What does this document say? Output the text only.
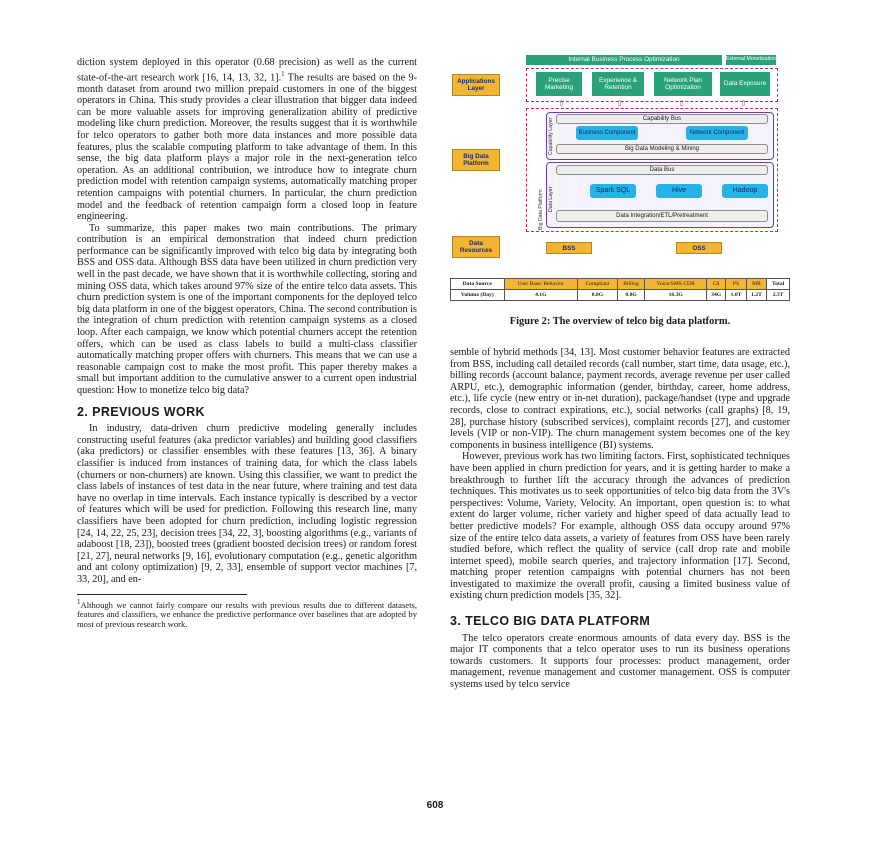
diction system deployed in this operator (0.68 precision) as well as the current state-of-the-art research work [16, 14, 13, 32, 1].$^1$ The results are based on the 9-month dataset from around two million prepaid customers in one of the biggest operators in China. This study provides a clear illustration that bigger data indeed can be more valuable assets for improving generalization ability of predictive modeling like churn prediction. Moreover, the results suggest that it is worthwhile for telco operators to gather both more data instances and more possible data features, plus the scalable computing platform to take advantage of them. In this sense, the big data platform plays a major role in the next-generation telco operation. As an additional contribution, we introduce how to integrate churn prediction model with retention campaign systems, automatically matching proper retention campaigns with potential churners. In particular, the churn prediction model and the feedback of retention campaign form a closed loop in feature engineering.

To summarize, this paper makes two main contributions. The primary contribution is an empirical demonstration that indeed churn prediction performance can be significantly improved with telco big data by integrating both BSS and OSS data. Although BSS data have been utilized in churn prediction very well in the past decade, we have shown that it is worthwhile collecting, storing and mining OSS data, which takes around 97% size of the entire telco data assets. This churn prediction system is one of the important components for the deployed telco big data platform in one of the biggest operators, China. The second contribution is the integration of churn prediction with retention campaign systems as a closed loop. After each campaign, we know which potential churners accept the retention offers, which can be used as class labels to build a multi-class classifier automatically matching proper offers with churners. This means that we can use a reasonable campaign cost to make the most profit. This paper thereby makes a small but important addition to the cumulative answer to a current open industrial question: How to monetize telco big data?

2. PREVIOUS WORK

In industry, data-driven churn predictive modeling generally includes constructing useful features (aka predictor variables) and building good classifiers (aka predictors) or classifier ensembles with these features [13, 36]. A binary classifier is induced from instances of training data, for which the class labels (churners or non-churners) are known. Using this classifier, we want to predict the class labels of instances of test data in the near future, where training and test data have no overlap in time intervals. Each instance typically is described by a vector of features which will be used for prediction. Following this research line, many classifiers have been adopted for churn prediction, including logistic regression [24, 14, 22, 25, 23], decision trees [34, 22, 3], boosting algorithms (e.g., variants of adaboost [18, 23]), boosted trees (gradient boosted decision trees) or random forest [21, 27], neural networks [9, 16], evolutionary computation (e.g., genetic algorithm and ant colony optimization) [9, 2, 33], ensemble of support vector machines [7, 33, 20], and en-

$^1$Although we cannot fairly compare our results with previous results due to different datasets, features and classifiers, we enhance the predictive performance over baselines that are adopted by most of previous research work.

Internal Business Process Optimization	External Monetization
Applications Layer
Precise Marketing
Experience & Retention
Network Plan Optimization
Data Exposure
⇧	⇧	⇧	⇧
Big Data Platform
Big Data Platform
Capability Layer	Capability Bus
Business Component	Network Component
Big Data Modeling & Mining
Data Layer
Data Bus
Spark SQL	Hive	Hadoop
Data Integration/ETL/Pretreatment
Data Resources	BSS	OSS
Data Source	User Base/ Behavior	Compliant	Billing	Voice/SMS CDR	CS	PS	MR	Total
Volume (Day)	4.1G	0.8G	0.8G	18.3G	34G	1.0T	1.2T	2.3T
Figure 2: The overview of telco big data platform.

semble of hybrid methods [34, 13]. Most customer behavior features are extracted from BSS, including call detailed records (call number, start time, data usage, etc.), billing records (account balance, payment records, average revenue per user called ARPU, etc.), demographic information (gender, birthday, career, home address, etc.), life cycle (new entry or in-net duration), package/handset (type and upgrade records, close to contract expirations, etc.), social networks (call graphs) [8, 19, 28], purchase history (subscribed services), complaint records [27], and customer levels (VIP or non-VIP). The churn management system becomes one of the key components in business intelligence (BI) systems.

However, previous work has two limiting factors. First, sophisticated techniques have been applied in churn prediction for years, and it is getting harder to make a breakthrough to further lift the accuracy through the advances of prediction techniques. This motivates us to seek opportunities of telco big data from the 3V's perspectives: Volume, Variety, Velocity. An important, open question is: to what extent do larger volume, richer variety and higher speed of data actually lead to better predictive models? For example, although OSS data occupy around 97% size of the entire telco data assets, a variety of features from OSS have been rarely studied before, which reflect the quality of service (call drop rate and mobile internet speed), mobile search queries, and trajectory information [17]. Second, matching proper retention campaigns with potential churners has not been investigated to maximize the overall profit, causing a limited business value of existing churn prediction models [35, 32].

3. TELCO BIG DATA PLATFORM

The telco operators create enormous amounts of data every day. BSS is the major IT components that a telco operator uses to run its business operations towards customers. It supports four processes: product management, order management, revenue management and customer management. OSS is computer systems used by telco service

608
